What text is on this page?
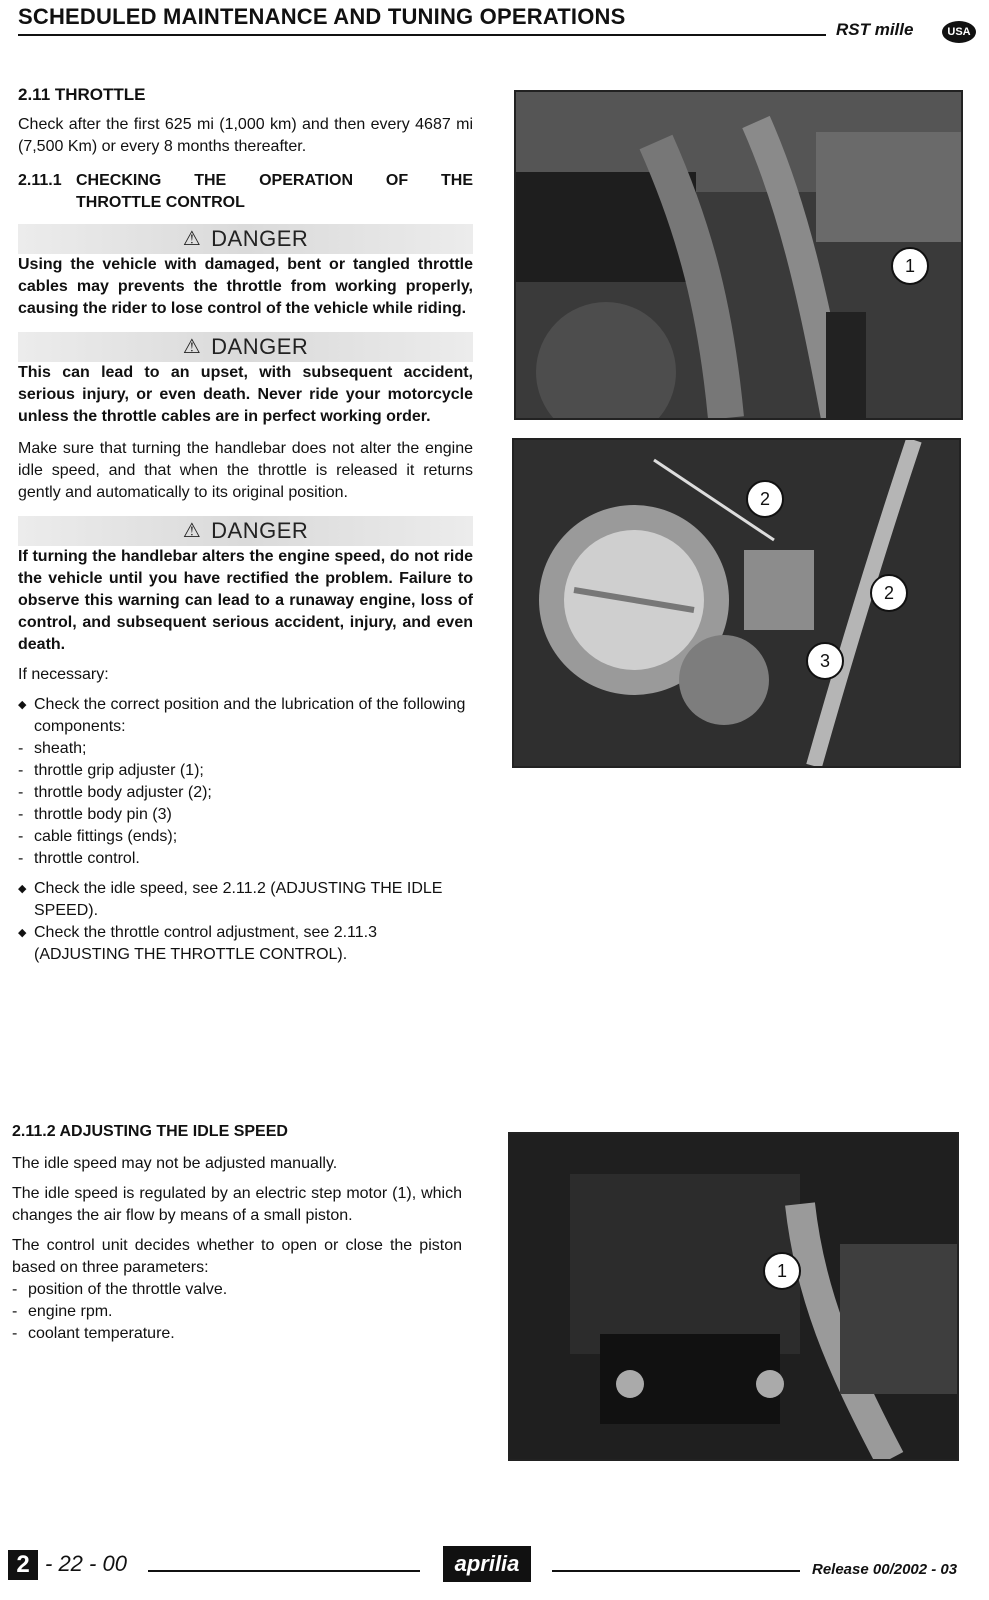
SCHEDULED MAINTENANCE AND TUNING OPERATIONS
RST mille	USA
2.11 THROTTLE

Check after the first 625 mi (1,000 km) and then every 4687 mi (7,500 Km) or every 8 months thereafter.

2.11.1 CHECKING THE OPERATION OF THE
THROTTLE CONTROL
⚠ DANGER

Using the vehicle with damaged, bent or tangled throttle cables may prevents the throttle from working properly, causing the rider to lose control of the vehicle while riding.

⚠ DANGER

This can lead to an upset, with subsequent accident, serious injury, or even death. Never ride your motorcycle unless the throttle cables are in perfect working order.

Make sure that turning the handlebar does not alter the engine idle speed, and that when the throttle is released it returns gently and automatically to its original position.

⚠ DANGER

If turning the handlebar alters the engine speed, do not ride the vehicle until you have rectified the problem. Failure to observe this warning can lead to a runaway engine, loss of control, and subsequent serious accident, injury, and even death.

If necessary:

◆ Check the correct position and the lubrication of the following components:
- sheath;
- throttle grip adjuster (1);
- throttle body adjuster (2);
- throttle body pin (3)
- cable fittings (ends);
- throttle control.
◆ Check the idle speed, see 2.11.2 (ADJUSTING THE IDLE SPEED).
◆ Check the throttle control adjustment, see 2.11.3 (ADJUSTING THE THROTTLE CONTROL).
1
2
2
3
2.11.2 ADJUSTING THE IDLE SPEED

The idle speed may not be adjusted manually.

The idle speed is regulated by an electric step motor (1), which changes the air flow by means of a small piston.

The control unit decides whether to open or close the piston based on three parameters:

- position of the throttle valve.
- engine rpm.
- coolant temperature.
1
2 - 22 - 00	aprilia	Release 00/2002 - 03
